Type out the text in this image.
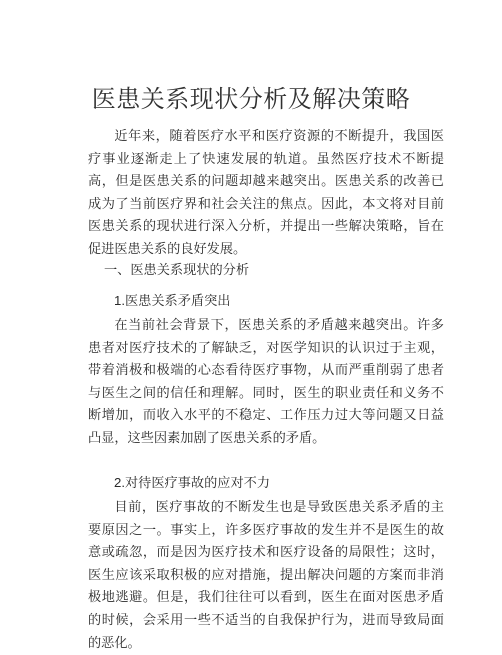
医患关系现状分析及解决策略

近年来，随着医疗水平和医疗资源的不断提升，我国医疗事业逐渐走上了快速发展的轨道。虽然医疗技术不断提高，但是医患关系的问题却越来越突出。医患关系的改善已成为了当前医疗界和社会关注的焦点。因此，本文将对目前医患关系的现状进行深入分析，并提出一些解决策略，旨在促进医患关系的良好发展。

一、医患关系现状的分析

1.医患关系矛盾突出

在当前社会背景下，医患关系的矛盾越来越突出。许多患者对医疗技术的了解缺乏，对医学知识的认识过于主观，带着消极和极端的心态看待医疗事物，从而严重削弱了患者与医生之间的信任和理解。同时，医生的职业责任和义务不断增加，而收入水平的不稳定、工作压力过大等问题又日益凸显，这些因素加剧了医患关系的矛盾。

2.对待医疗事故的应对不力

目前，医疗事故的不断发生也是导致医患关系矛盾的主要原因之一。事实上，许多医疗事故的发生并不是医生的故意或疏忽，而是因为医疗技术和医疗设备的局限性；这时，医生应该采取积极的应对措施，提出解决问题的方案而非消极地逃避。但是，我们往往可以看到，医生在面对医患矛盾的时候，会采用一些不适当的自我保护行为，进而导致局面的恶化。
